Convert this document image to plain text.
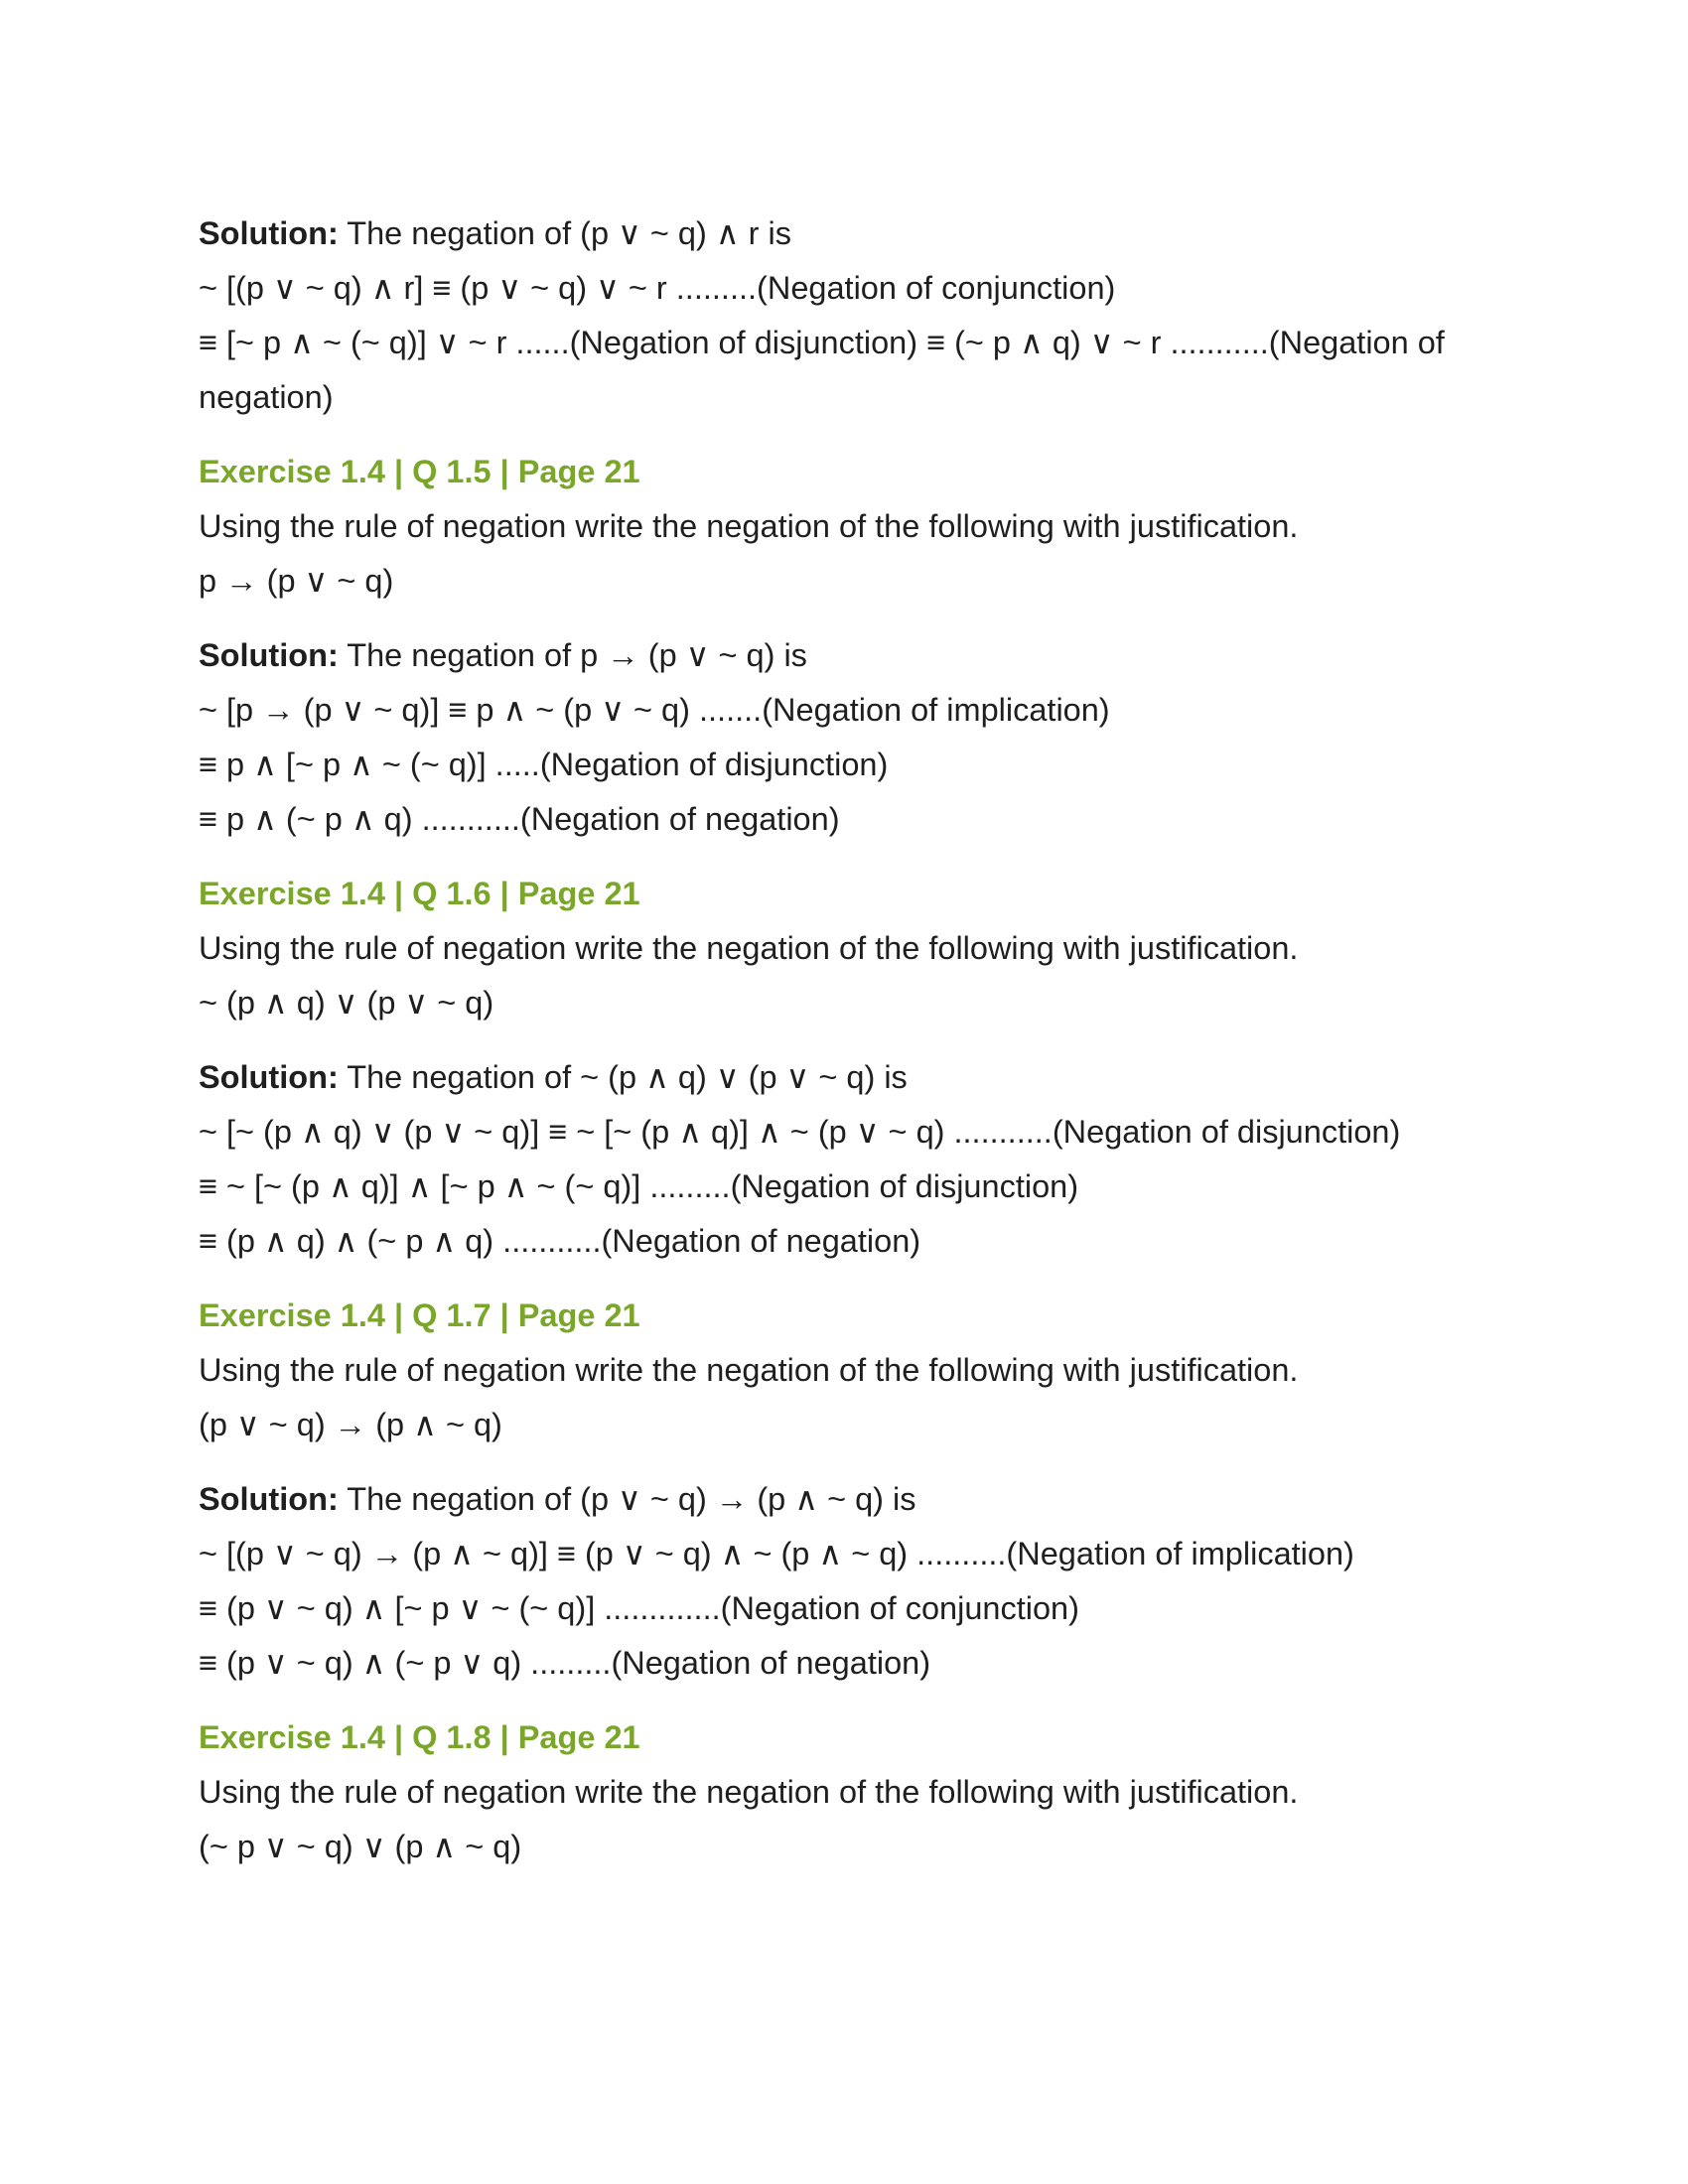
Solution: The negation of (p ∨ ~ q) ∧ r is
~ [(p ∨ ~ q) ∧ r] ≡ (p ∨ ~ q) ∨ ~ r .........(Negation of conjunction)
≡ [~ p ∧ ~ (~ q)] ∨ ~ r ......(Negation of disjunction) ≡ (~ p ∧ q) ∨ ~ r ...........(Negation of negation)
Exercise 1.4 | Q 1.5 | Page 21
Using the rule of negation write the negation of the following with justification.
p → (p ∨ ~ q)
Solution: The negation of p → (p ∨ ~ q) is
~ [p → (p ∨ ~ q)] ≡ p ∧ ~ (p ∨ ~ q) .......(Negation of implication)
≡ p ∧ [~ p ∧ ~ (~ q)] .....(Negation of disjunction)
≡ p ∧ (~ p ∧ q) ...........(Negation of negation)
Exercise 1.4 | Q 1.6 | Page 21
Using the rule of negation write the negation of the following with justification.
~ (p ∧ q) ∨ (p ∨ ~ q)
Solution: The negation of ~ (p ∧ q) ∨ (p ∨ ~ q) is
~ [~ (p ∧ q) ∨ (p ∨ ~ q)] ≡ ~ [~ (p ∧ q)] ∧ ~ (p ∨ ~ q) ...........(Negation of disjunction)
≡ ~ [~ (p ∧ q)] ∧ [~ p ∧ ~ (~ q)] .........(Negation of disjunction)
≡ (p ∧ q) ∧ (~ p ∧ q) ...........(Negation of negation)
Exercise 1.4 | Q 1.7 | Page 21
Using the rule of negation write the negation of the following with justification.
(p ∨ ~ q) → (p ∧ ~ q)
Solution: The negation of (p ∨ ~ q) → (p ∧ ~ q) is
~ [(p ∨ ~ q) → (p ∧ ~ q)] ≡ (p ∨ ~ q) ∧ ~ (p ∧ ~ q) ..........(Negation of implication)
≡ (p ∨ ~ q) ∧ [~ p ∨ ~ (~ q)] .............(Negation of conjunction)
≡ (p ∨ ~ q) ∧ (~ p ∨ q) .........(Negation of negation)
Exercise 1.4 | Q 1.8 | Page 21
Using the rule of negation write the negation of the following with justification.
(~ p ∨ ~ q) ∨ (p ∧ ~ q)
